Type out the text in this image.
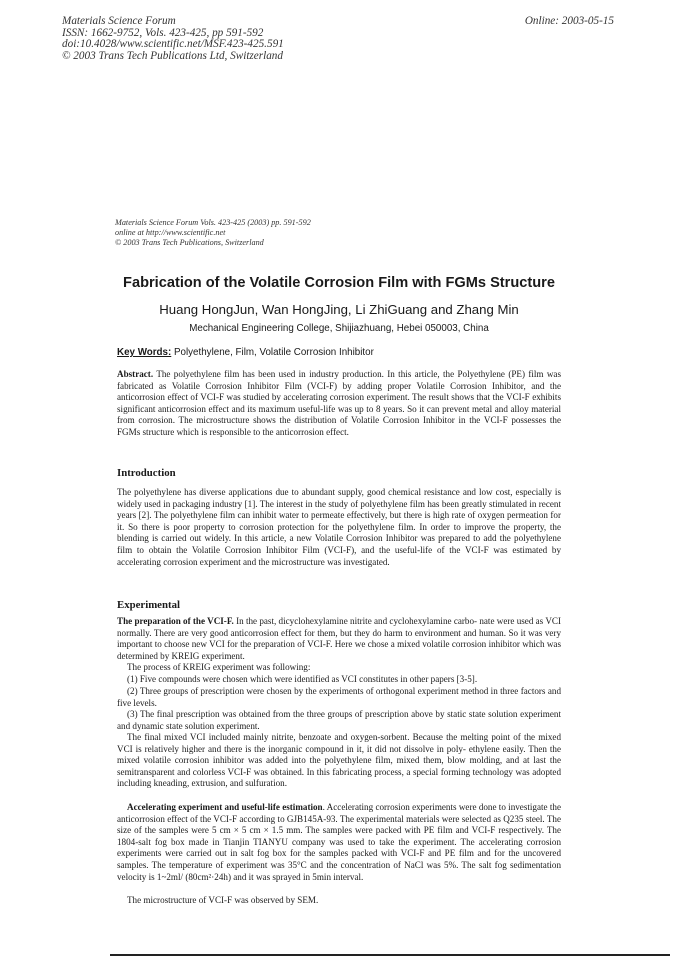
Materials Science Forum
ISSN: 1662-9752, Vols. 423-425, pp 591-592
doi:10.4028/www.scientific.net/MSF.423-425.591
© 2003 Trans Tech Publications Ltd, Switzerland
Online: 2003-05-15
Materials Science Forum Vols. 423-425 (2003) pp. 591-592
online at http://www.scientific.net
© 2003 Trans Tech Publications, Switzerland
Fabrication of the Volatile Corrosion Film with FGMs Structure
Huang HongJun, Wan HongJing, Li ZhiGuang and Zhang Min
Mechanical Engineering College, Shijiazhuang, Hebei 050003, China
Key Words: Polyethylene, Film, Volatile Corrosion Inhibitor
Abstract. The polyethylene film has been used in industry production. In this article, the Polyethylene (PE) film was fabricated as Volatile Corrosion Inhibitor Film (VCI-F) by adding proper Volatile Corrosion Inhibitor, and the anticorrosion effect of VCI-F was studied by accelerating corrosion experiment. The result shows that the VCI-F exhibits significant anticorrosion effect and its maximum useful-life was up to 8 years. So it can prevent metal and alloy material from corrosion. The microstructure shows the distribution of Volatile Corrosion Inhibitor in the VCI-F possesses the FGMs structure which is responsible to the anticorrosion effect.
Introduction

The polyethylene has diverse applications due to abundant supply, good chemical resistance and low cost, especially is widely used in packaging industry [1]. The interest in the study of polyethylene film has been greatly stimulated in recent years [2]. The polyethylene film can inhibit water to permeate effectively, but there is high rate of oxygen permeation for it. So there is poor property to corrosion protection for the polyethylene film. In order to improve the property, the blending is carried out widely. In this article, a new Volatile Corrosion Inhibitor was prepared to add the polyethylene film to obtain the Volatile Corrosion Inhibitor Film (VCI-F), and the useful-life of the VCI-F was estimated by accelerating corrosion experiment and the microstructure was investigated.

Experimental

The preparation of the VCI-F. In the past, dicyclohexylamine nitrite and cyclohexylamine carbo- nate were used as VCI normally. There are very good anticorrosion effect for them, but they do harm to environment and human. So it was very important to choose new VCI for the preparation of VCI-F. Here we chose a mixed volatile corrosion inhibitor which was determined by KREIG experiment.

The process of KREIG experiment was following:

(1) Five compounds were chosen which were identified as VCI constitutes in other papers [3-5].

(2) Three groups of prescription were chosen by the experiments of orthogonal experiment method in three factors and five levels.

(3) The final prescription was obtained from the three groups of prescription above by static state solution experiment and dynamic state solution experiment.

The final mixed VCI included mainly nitrite, benzoate and oxygen-sorbent. Because the melting point of the mixed VCI is relatively higher and there is the inorganic compound in it, it did not dissolve in poly- ethylene easily. Then the mixed volatile corrosion inhibitor was added into the polyethylene film, mixed them, blow molding, and at last the semitransparent and colorless VCI-F was obtained. In this fabricating process, a special forming technology was adopted including kneading, extrusion, and sulfuration.

Accelerating experiment and useful-life estimation. Accelerating corrosion experiments were done to investigate the anticorrosion effect of the VCI-F according to GJB145A-93. The experimental materials were selected as Q235 steel. The size of the samples were 5 cm × 5 cm × 1.5 mm. The samples were packed with PE film and VCI-F respectively. The 1804-salt fog box made in Tianjin TIANYU company was used to take the experiment. The accelerating corrosion experiments were carried out in salt fog box for the samples packed with VCI-F and PE film and for the uncovered samples. The temperature of experiment was 35°C and the concentration of NaCl was 5%. The salt fog sedimentation velocity is 1~2ml/ (80cm²·24h) and it was sprayed in 5min interval.

The microstructure of VCI-F was observed by SEM.
